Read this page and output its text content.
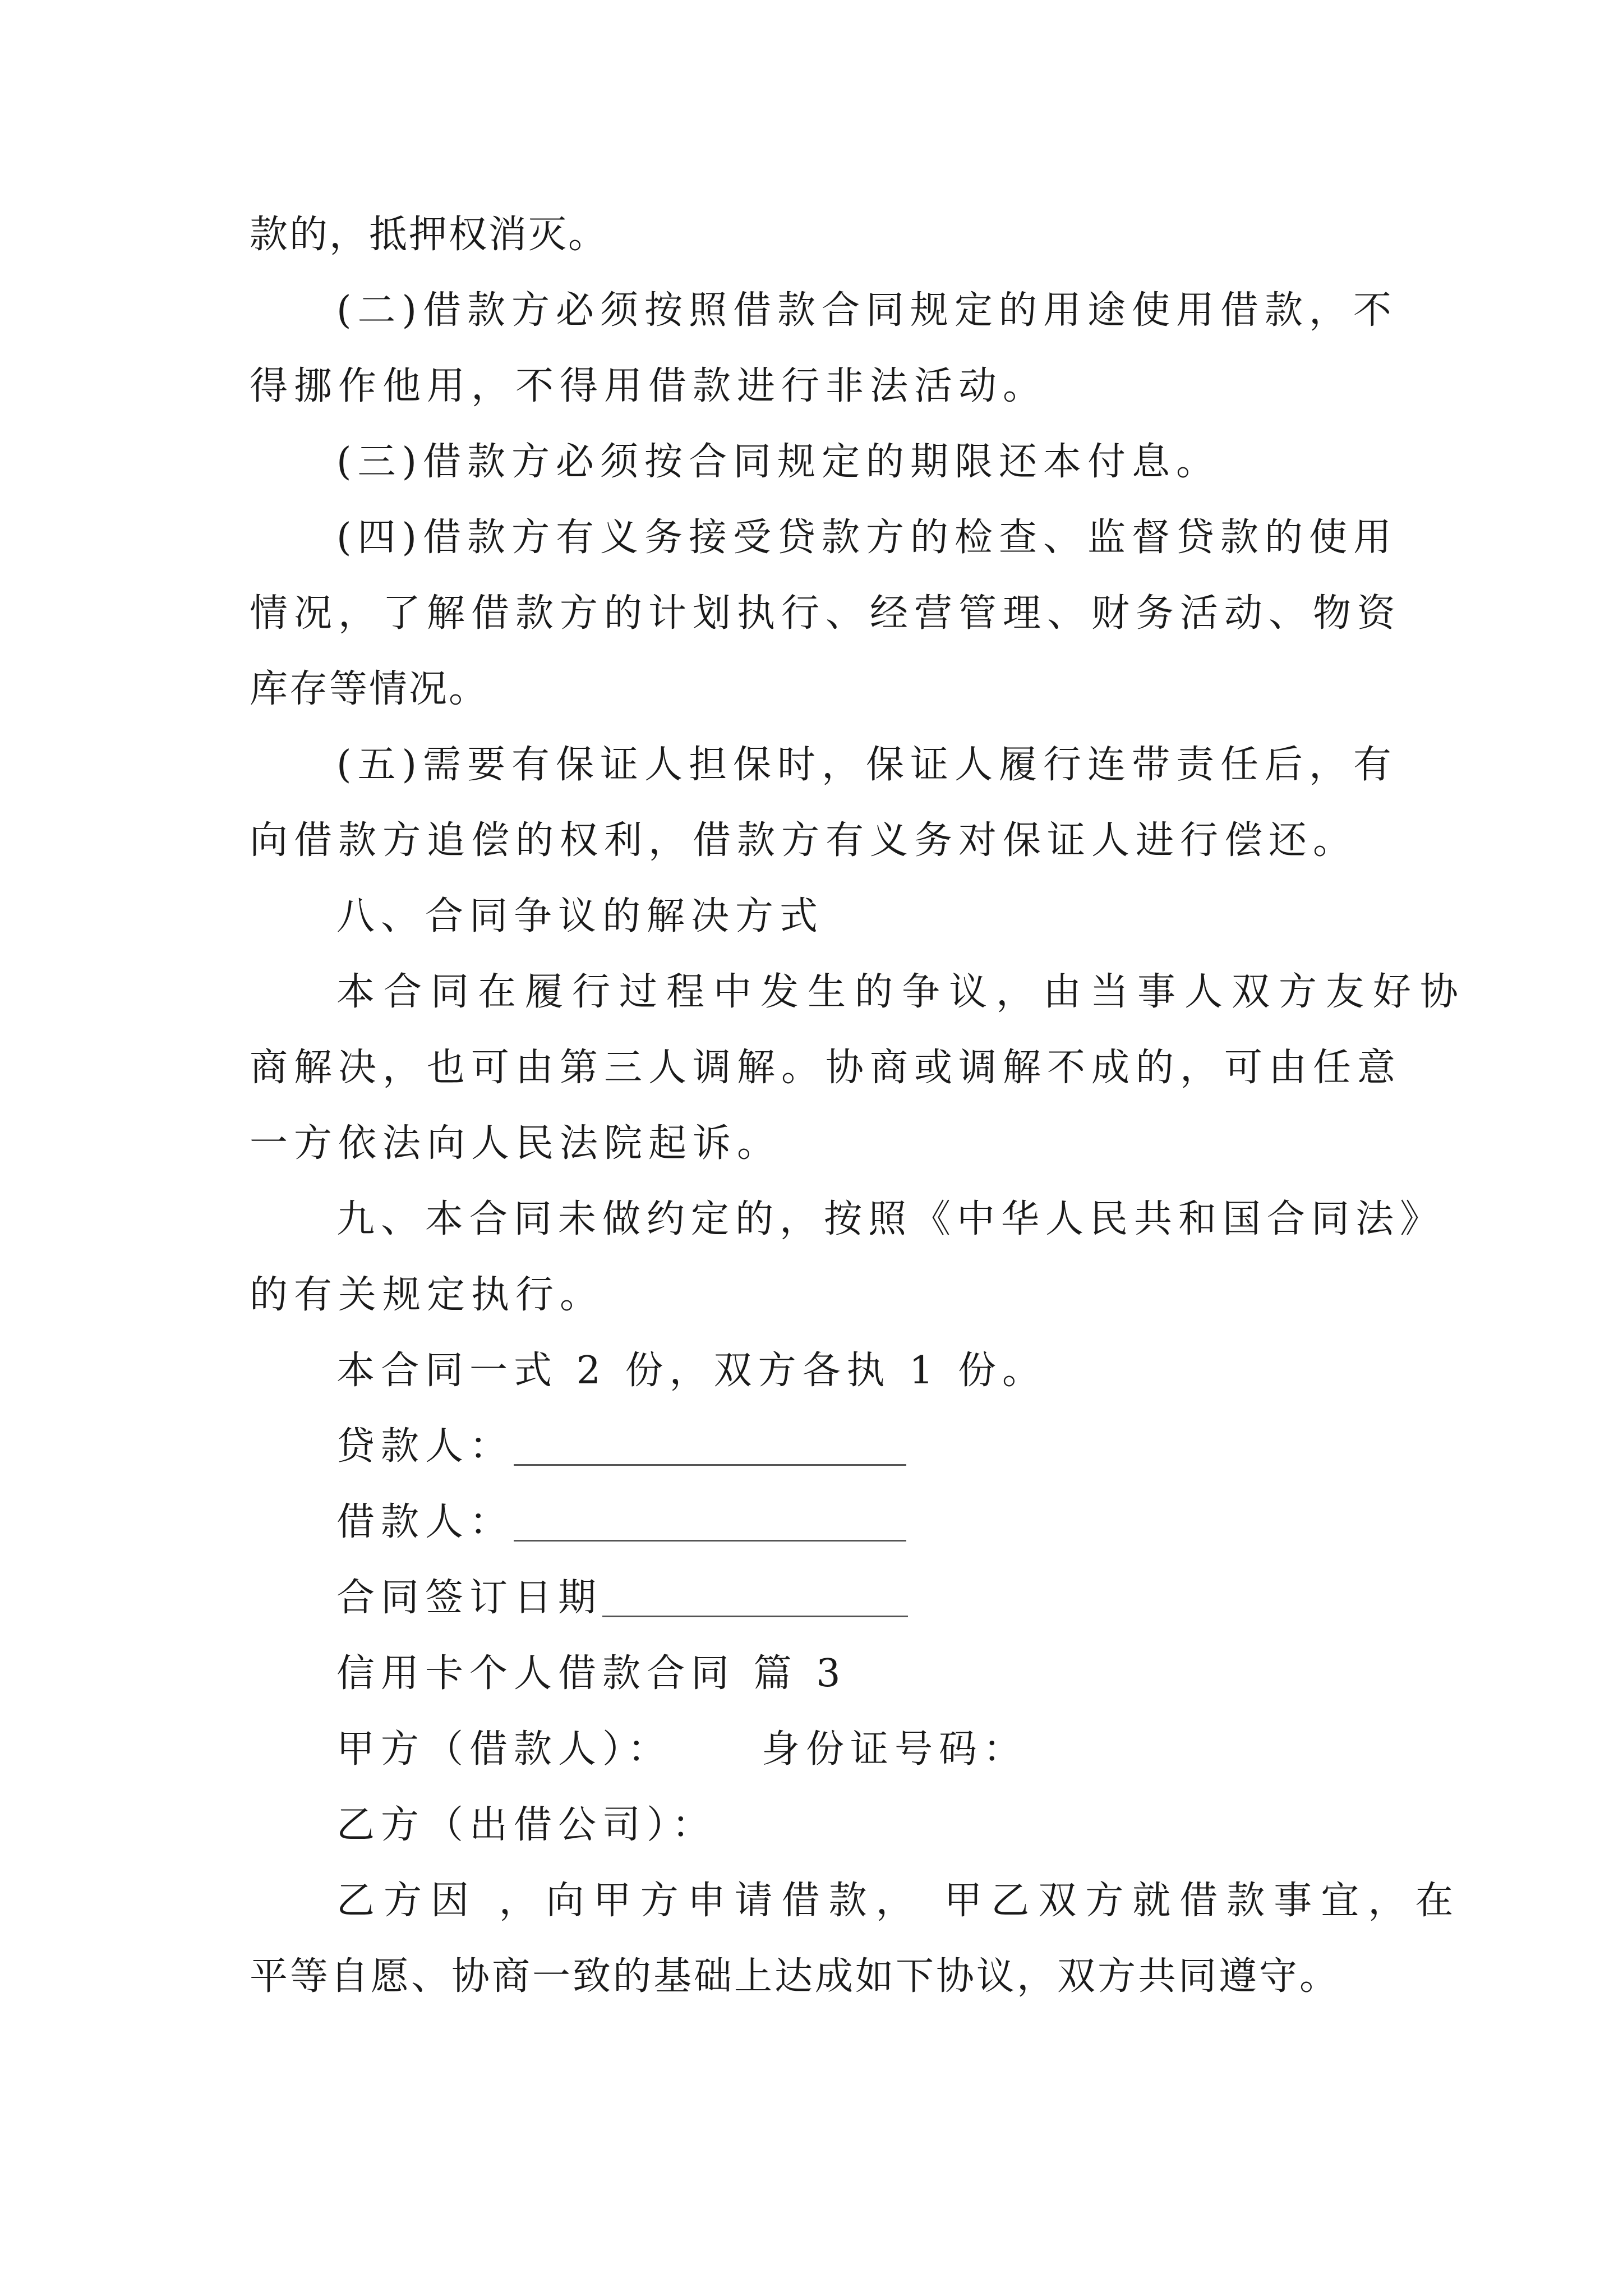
款的，抵押权消灭。
(二)借款方必须按照借款合同规定的用途使用借款，不
得挪作他用，不得用借款进行非法活动。
(三)借款方必须按合同规定的期限还本付息。
(四)借款方有义务接受贷款方的检查、监督贷款的使用
情况，了解借款方的计划执行、经营管理、财务活动、物资
库存等情况。
(五)需要有保证人担保时，保证人履行连带责任后，有
向借款方追偿的权利，借款方有义务对保证人进行偿还。
八、合同争议的解决方式
本合同在履行过程中发生的争议，由当事人双方友好协
商解决，也可由第三人调解。协商或调解不成的，可由任意
一方依法向人民法院起诉。
九、本合同未做约定的，按照《中华人民共和国合同法》
的有关规定执行。
本合同一式 2 份，双方各执 1 份。
贷款人：
借款人：
合同签订日期
信用卡个人借款合同 篇 3
甲方（借款人）： 身份证号码：
乙方（出借公司）：
乙方因 ，向甲方申请借款， 甲乙双方就借款事宜，在
平等自愿、协商一致的基础上达成如下协议，双方共同遵守。
